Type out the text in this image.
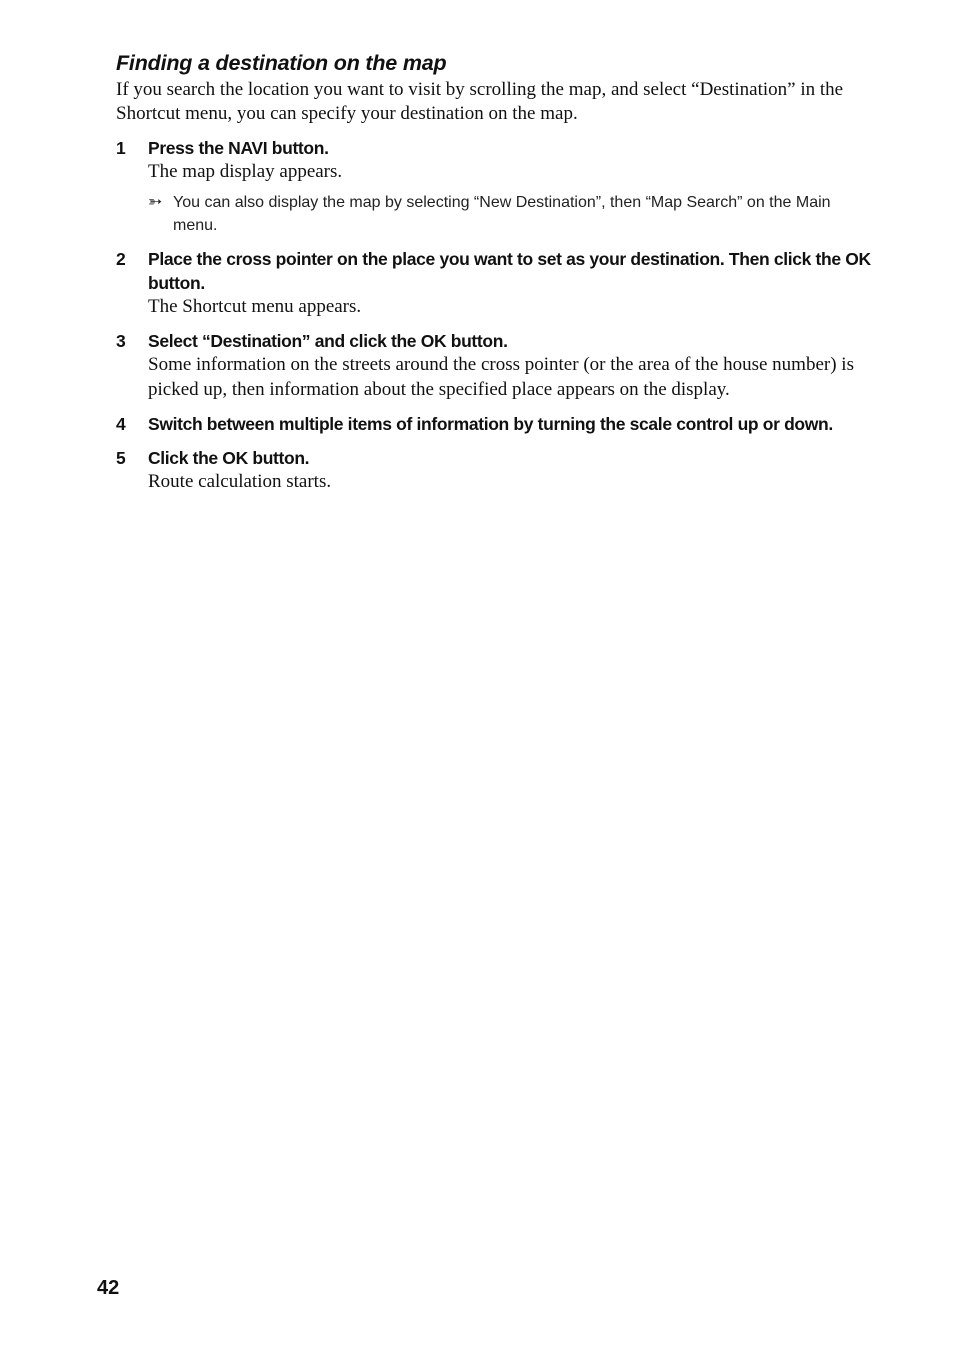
Finding a destination on the map

If you search the location you want to visit by scrolling the map, and select “Destination” in the Shortcut menu, you can specify your destination on the map.

1 Press the NAVI button.
The map display appears.
➳ You can also display the map by selecting “New Destination”, then “Map Search” on the Main menu.
2 Place the cross pointer on the place you want to set as your destination. Then click the OK button.
The Shortcut menu appears.
3 Select “Destination” and click the OK button.
Some information on the streets around the cross pointer (or the area of the house number) is picked up, then information about the specified place appears on the display.
4 Switch between multiple items of information by turning the scale control up or down.
5 Click the OK button.
Route calculation starts.
42
